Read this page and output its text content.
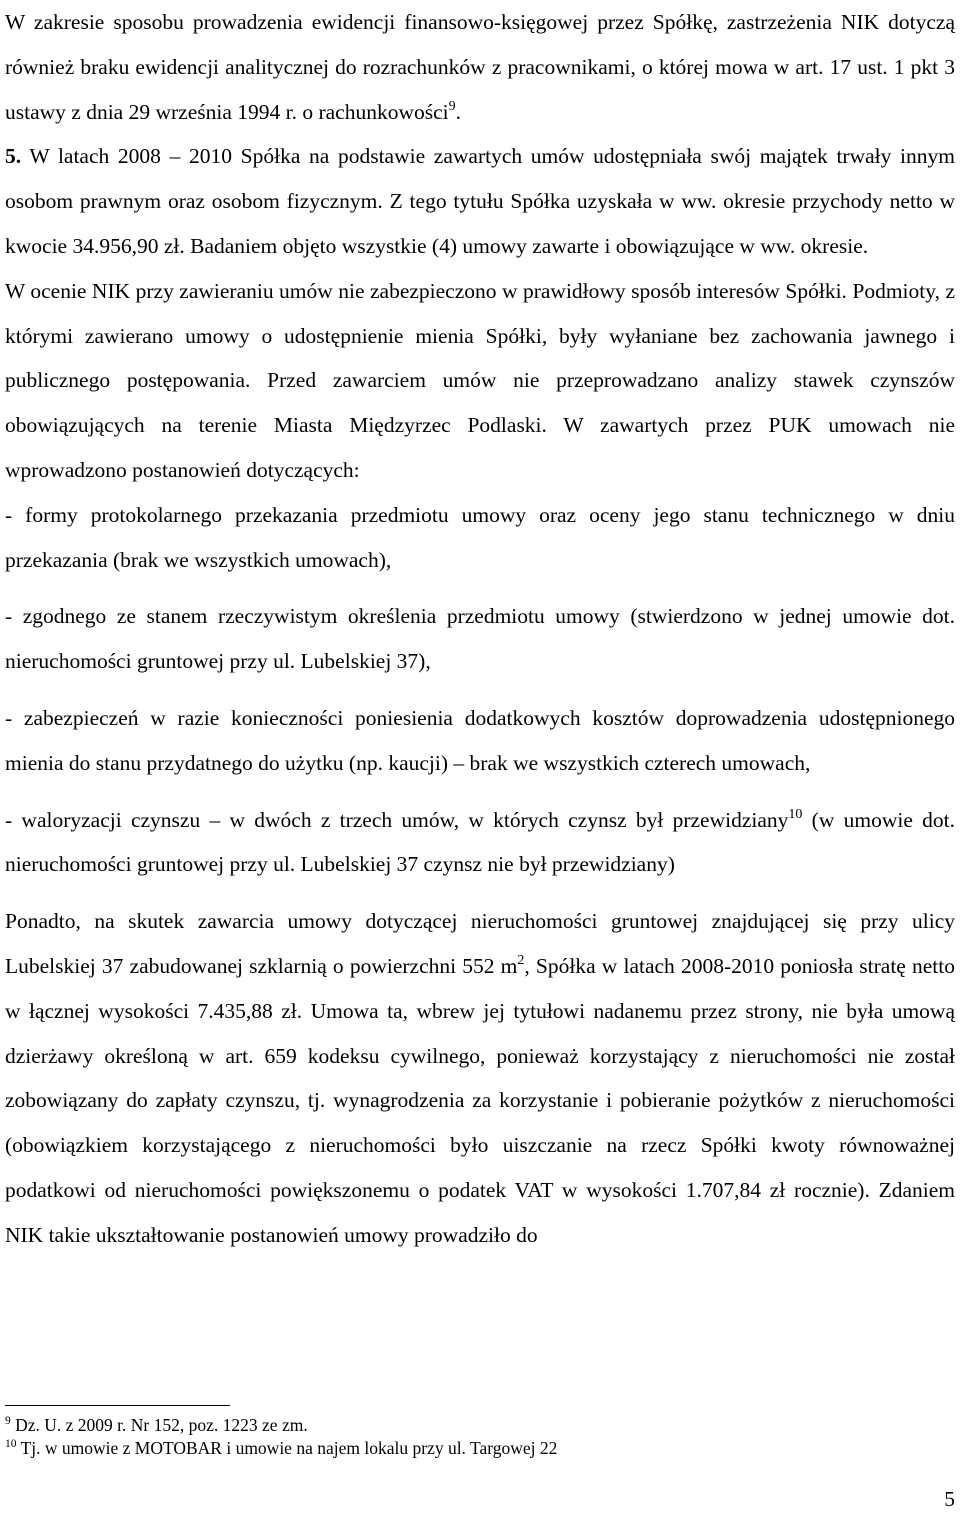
W zakresie sposobu prowadzenia ewidencji finansowo-księgowej przez Spółkę, zastrzeżenia NIK dotyczą również braku ewidencji analitycznej do rozrachunków z pracownikami, o której mowa w art. 17 ust. 1 pkt 3 ustawy z dnia 29 września 1994 r. o rachunkowości$^9$.

5. W latach 2008 – 2010 Spółka na podstawie zawartych umów udostępniała swój majątek trwały innym osobom prawnym oraz osobom fizycznym. Z tego tytułu Spółka uzyskała w ww. okresie przychody netto w kwocie 34.956,90 zł. Badaniem objęto wszystkie (4) umowy zawarte i obowiązujące w ww. okresie.

W ocenie NIK przy zawieraniu umów nie zabezpieczono w prawidłowy sposób interesów Spółki. Podmioty, z którymi zawierano umowy o udostępnienie mienia Spółki, były wyłaniane bez zachowania jawnego i publicznego postępowania. Przed zawarciem umów nie przeprowadzano analizy stawek czynszów obowiązujących na terenie Miasta Międzyrzec Podlaski. W zawartych przez PUK umowach nie wprowadzono postanowień dotyczących:

- formy protokolarnego przekazania przedmiotu umowy oraz oceny jego stanu technicznego w dniu przekazania (brak we wszystkich umowach),

- zgodnego ze stanem rzeczywistym określenia przedmiotu umowy (stwierdzono w jednej umowie dot. nieruchomości gruntowej przy ul. Lubelskiej 37),

- zabezpieczeń w razie konieczności poniesienia dodatkowych kosztów doprowadzenia udostępnionego mienia do stanu przydatnego do użytku (np. kaucji) – brak we wszystkich czterech umowach,

- waloryzacji czynszu – w dwóch z trzech umów, w których czynsz był przewidziany$^{10}$ (w umowie dot. nieruchomości gruntowej przy ul. Lubelskiej 37 czynsz nie był przewidziany)

Ponadto, na skutek zawarcia umowy dotyczącej nieruchomości gruntowej znajdującej się przy ulicy Lubelskiej 37 zabudowanej szklarnią o powierzchni 552 $m^2$, Spółka w latach 2008-2010 poniosła stratę netto w łącznej wysokości 7.435,88 zł. Umowa ta, wbrew jej tytułowi nadanemu przez strony, nie była umową dzierżawy określoną w art. 659 kodeksu cywilnego, ponieważ korzystający z nieruchomości nie został zobowiązany do zapłaty czynszu, tj. wynagrodzenia za korzystanie i pobieranie pożytków z nieruchomości (obowiązkiem korzystającego z nieruchomości było uiszczanie na rzecz Spółki kwoty równoważnej podatkowi od nieruchomości powiększonemu o podatek VAT w wysokości 1.707,84 zł rocznie). Zdaniem NIK takie ukształtowanie postanowień umowy prowadziło do

$^9$ Dz. U. z 2009 r. Nr 152, poz. 1223 ze zm.

$^{10}$ Tj. w umowie z MOTOBAR i umowie na najem lokalu przy ul. Targowej 22

5
